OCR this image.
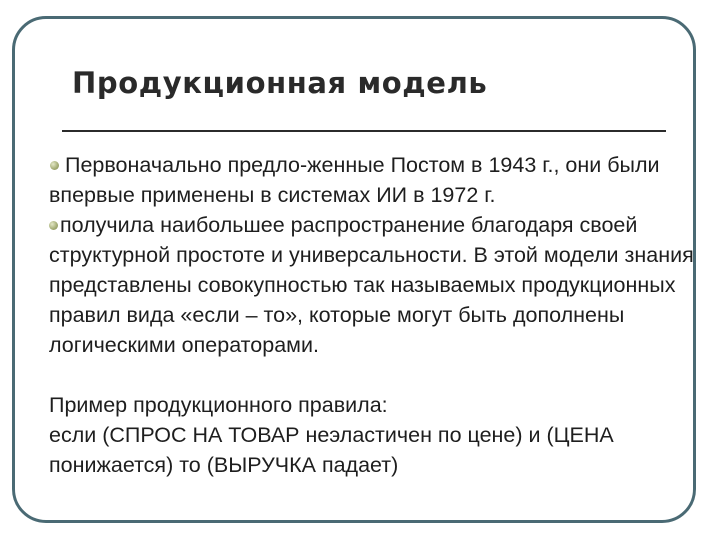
Продукционная модель

Первоначально предло-женные Постом в 1943 г., они были впервые применены в системах ИИ в 1972 г.
получила наибольшее распространение благодаря своей структурной простоте и универсальности. В этой модели знания представлены совокупностью так называемых продукционных правил вида «если – то», которые могут быть дополнены логическими операторами.

Пример продукционного правила:
если (СПРОС НА ТОВАР неэластичен по цене) и (ЦЕНА понижается) то (ВЫРУЧКА падает)
